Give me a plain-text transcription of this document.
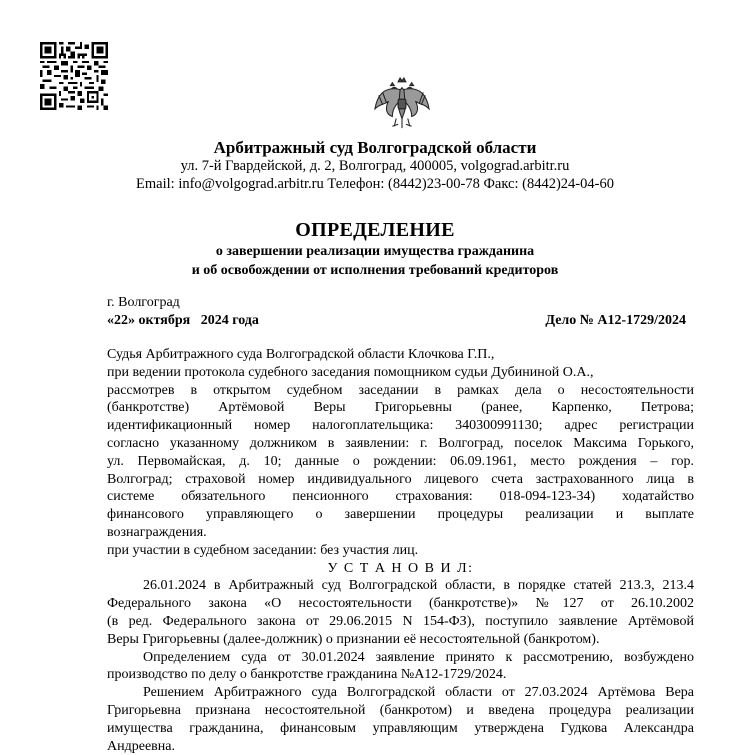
Арбитражный суд Волгоградской области
ул. 7-й Гвардейской, д. 2, Волгоград, 400005, volgograd.arbitr.ru
Email: info@volgograd.arbitr.ru Телефон: (8442)23-00-78 Факс: (8442)24-04-60
ОПРЕДЕЛЕНИЕ
о завершении реализации имущества гражданина
и об освобождении от исполнения требований кредиторов
г. Волгоград
«22» октября   2024 года	Дело № А12-1729/2024
Судья Арбитражного суда Волгоградской области Клочкова Г.П.,
при ведении протокола судебного заседания помощником судьи Дубининой О.А.,
рассмотрев в открытом судебном заседании в рамках дела о несостоятельности
(банкротстве) Артёмовой Веры Григорьевны (ранее, Карпенко, Петрова;
идентификационный номер налогоплательщика: 340300991130; адрес регистрации
согласно указанному должником в заявлении: г. Волгоград, поселок Максима Горького,
ул. Первомайская, д. 10; данные о рождении: 06.09.1961, место рождения – гор.
Волгоград; страховой номер индивидуального лицевого счета застрахованного лица в
системе обязательного пенсионного страхования: 018-094-123-34) ходатайство
финансового управляющего о завершении процедуры реализации и выплате
вознаграждения.
при участии в судебном заседании: без участия лиц.
У С Т А Н О В И Л:
26.01.2024 в Арбитражный суд Волгоградской области, в порядке статей 213.3, 213.4
Федерального закона «О несостоятельности (банкротстве)» №127 от 26.10.2002
(в ред. Федерального закона от 29.06.2015 N 154-ФЗ), поступило заявление Артёмовой
Веры Григорьевны (далее-должник) о признании её несостоятельной (банкротом).
Определением суда от 30.01.2024 заявление принято к рассмотрению, возбуждено
производство по делу о банкротстве гражданина №А12-1729/2024.
Решением Арбитражного суда Волгоградской области от 27.03.2024 Артёмова Вера
Григорьевна признана несостоятельной (банкротом) и введена процедура реализации
имущества гражданина, финансовым управляющим утверждена Гудкова Александра
Андреевна.
